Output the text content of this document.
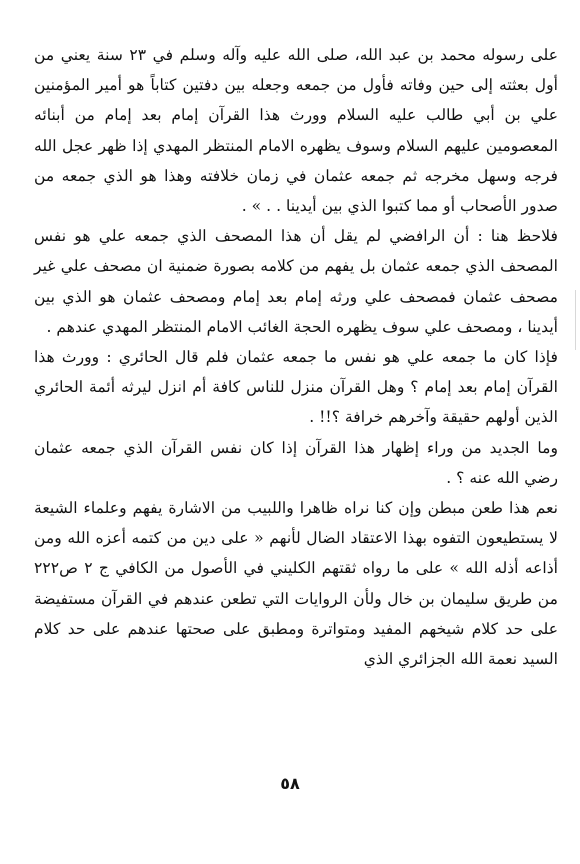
على رسوله محمد بن عبد الله، صلى الله عليه وآله وسلم في ٢٣ سنة يعني من أول بعثته إلى حين وفاته فأول من جمعه وجعله بين دفتين كتاباً هو أمير المؤمنين علي بن أبي طالب عليه السلام وورث هذا القرآن إمام بعد إمام من أبنائه المعصومين عليهم السلام وسوف يظهره الامام المنتظر المهدي إذا ظهر عجل الله فرجه وسهل مخرجه ثم جمعه عثمان في زمان خلافته وهذا هو الذي جمعه من صدور الأصحاب أو مما كتبوا الذي بين أيدينا . . » .

فلاحظ هنا : أن الرافضي لم يقل أن هذا المصحف الذي جمعه علي هو نفس المصحف الذي جمعه عثمان بل يفهم من كلامه بصورة ضمنية ان مصحف علي غير مصحف عثمان فمصحف علي ورثه إمام بعد إمام ومصحف عثمان هو الذي بين أيدينا ، ومصحف علي سوف يظهره الحجة الغائب الامام المنتظر المهدي عندهم .

فإذا كان ما جمعه علي هو نفس ما جمعه عثمان فلم قال الحائري : وورث هذا القرآن إمام بعد إمام ؟ وهل القرآن منزل للناس كافة أم انزل ليرثه أئمة الحائري الذين أولهم حقيقة وآخرهم خرافة ؟!! .

وما الجديد من وراء إظهار هذا القرآن إذا كان نفس القرآن الذي جمعه عثمان رضي الله عنه ؟ .

نعم هذا طعن مبطن وإن كنا نراه ظاهرا واللبيب من الاشارة يفهم وعلماء الشيعة لا يستطيعون التفوه بهذا الاعتقاد الضال لأنهم « على دين من كتمه أعزه الله ومن أذاعه أذله الله » على ما رواه ثقتهم الكليني في الأصول من الكافي ج ٢ ص٢٢٢ من طريق سليمان بن خال ولأن الروايات التي تطعن عندهم في القرآن مستفيضة على حد كلام شيخهم المفيد ومتواترة ومطبق على صحتها عندهم على حد كلام السيد نعمة الله الجزائري الذي

٥٨
